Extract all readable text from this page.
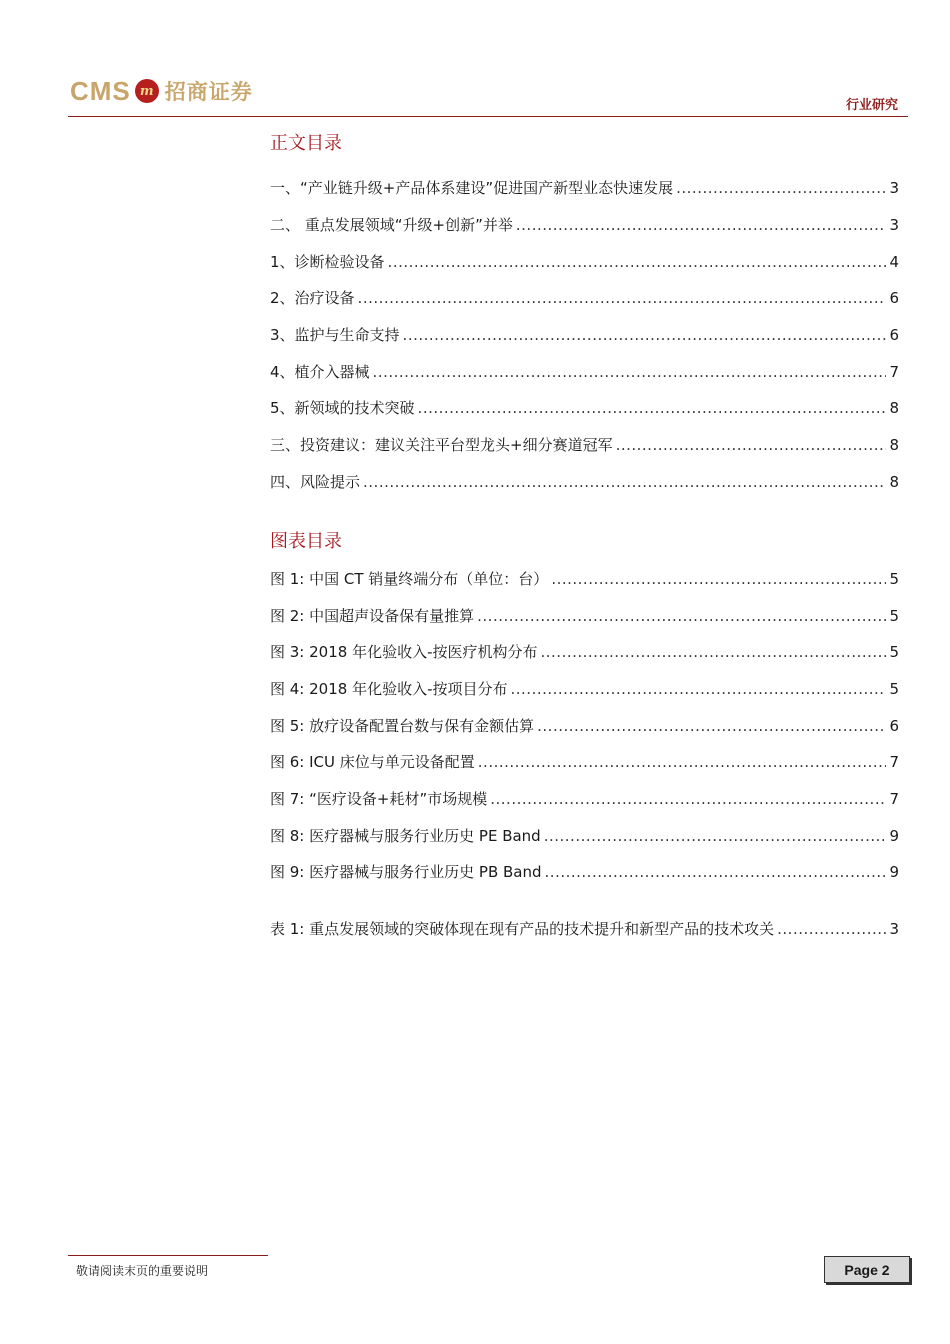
CMS m 招商证券
行业研究
正文目录
一、“产业链升级+产品体系建设”促进国产新型业态快速发展 .....	3
二、 重点发展领域“升级+创新”并举 .....	3
1、诊断检验设备 .....	4
2、治疗设备 .....	6
3、监护与生命支持 .....	6
4、植介入器械 .....	7
5、新领域的技术突破 .....	8
三、投资建议：建议关注平台型龙头+细分赛道冠军 .....	8
四、风险提示 .....	8
图表目录
图 1: 中国 CT 销量终端分布（单位：台） .....	5
图 2: 中国超声设备保有量推算 .....	5
图 3: 2018 年化验收入-按医疗机构分布 .....	5
图 4: 2018 年化验收入-按项目分布 .....	5
图 5: 放疗设备配置台数与保有金额估算 .....	6
图 6: ICU 床位与单元设备配置 .....	7
图 7: “医疗设备+耗材”市场规模 .....	7
图 8: 医疗器械与服务行业历史 PE Band .....	9
图 9: 医疗器械与服务行业历史 PB Band .....	9
表 1: 重点发展领域的突破体现在现有产品的技术提升和新型产品的技术攻关 .....	3
敬请阅读末页的重要说明	Page 2
